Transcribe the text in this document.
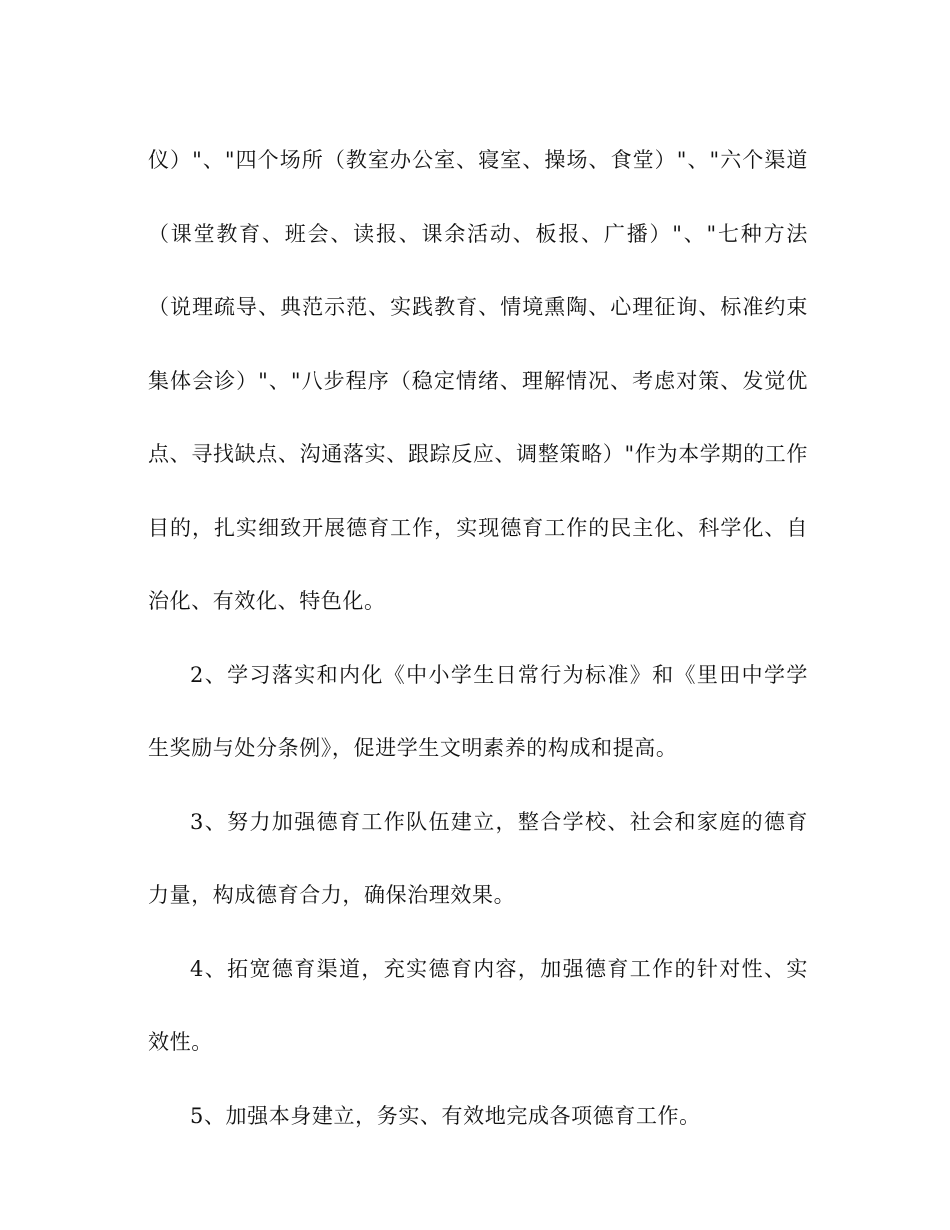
仪）"、"四个场所（教室办公室、寝室、操场、食堂）"、"六个渠道（课堂教育、班会、读报、课余活动、板报、广播）"、"七种方法（说理疏导、典范示范、实践教育、情境熏陶、心理征询、标准约束集体会诊）"、"八步程序（稳定情绪、理解情况、考虑对策、发觉优点、寻找缺点、沟通落实、跟踪反应、调整策略）"作为本学期的工作目的，扎实细致开展德育工作，实现德育工作的民主化、科学化、自治化、有效化、特色化。

2、学习落实和内化《中小学生日常行为标准》和《里田中学学生奖励与处分条例》，促进学生文明素养的构成和提高。

3、努力加强德育工作队伍建立，整合学校、社会和家庭的德育力量，构成德育合力，确保治理效果。

4、拓宽德育渠道，充实德育内容，加强德育工作的针对性、实效性。

5、加强本身建立，务实、有效地完成各项德育工作。
